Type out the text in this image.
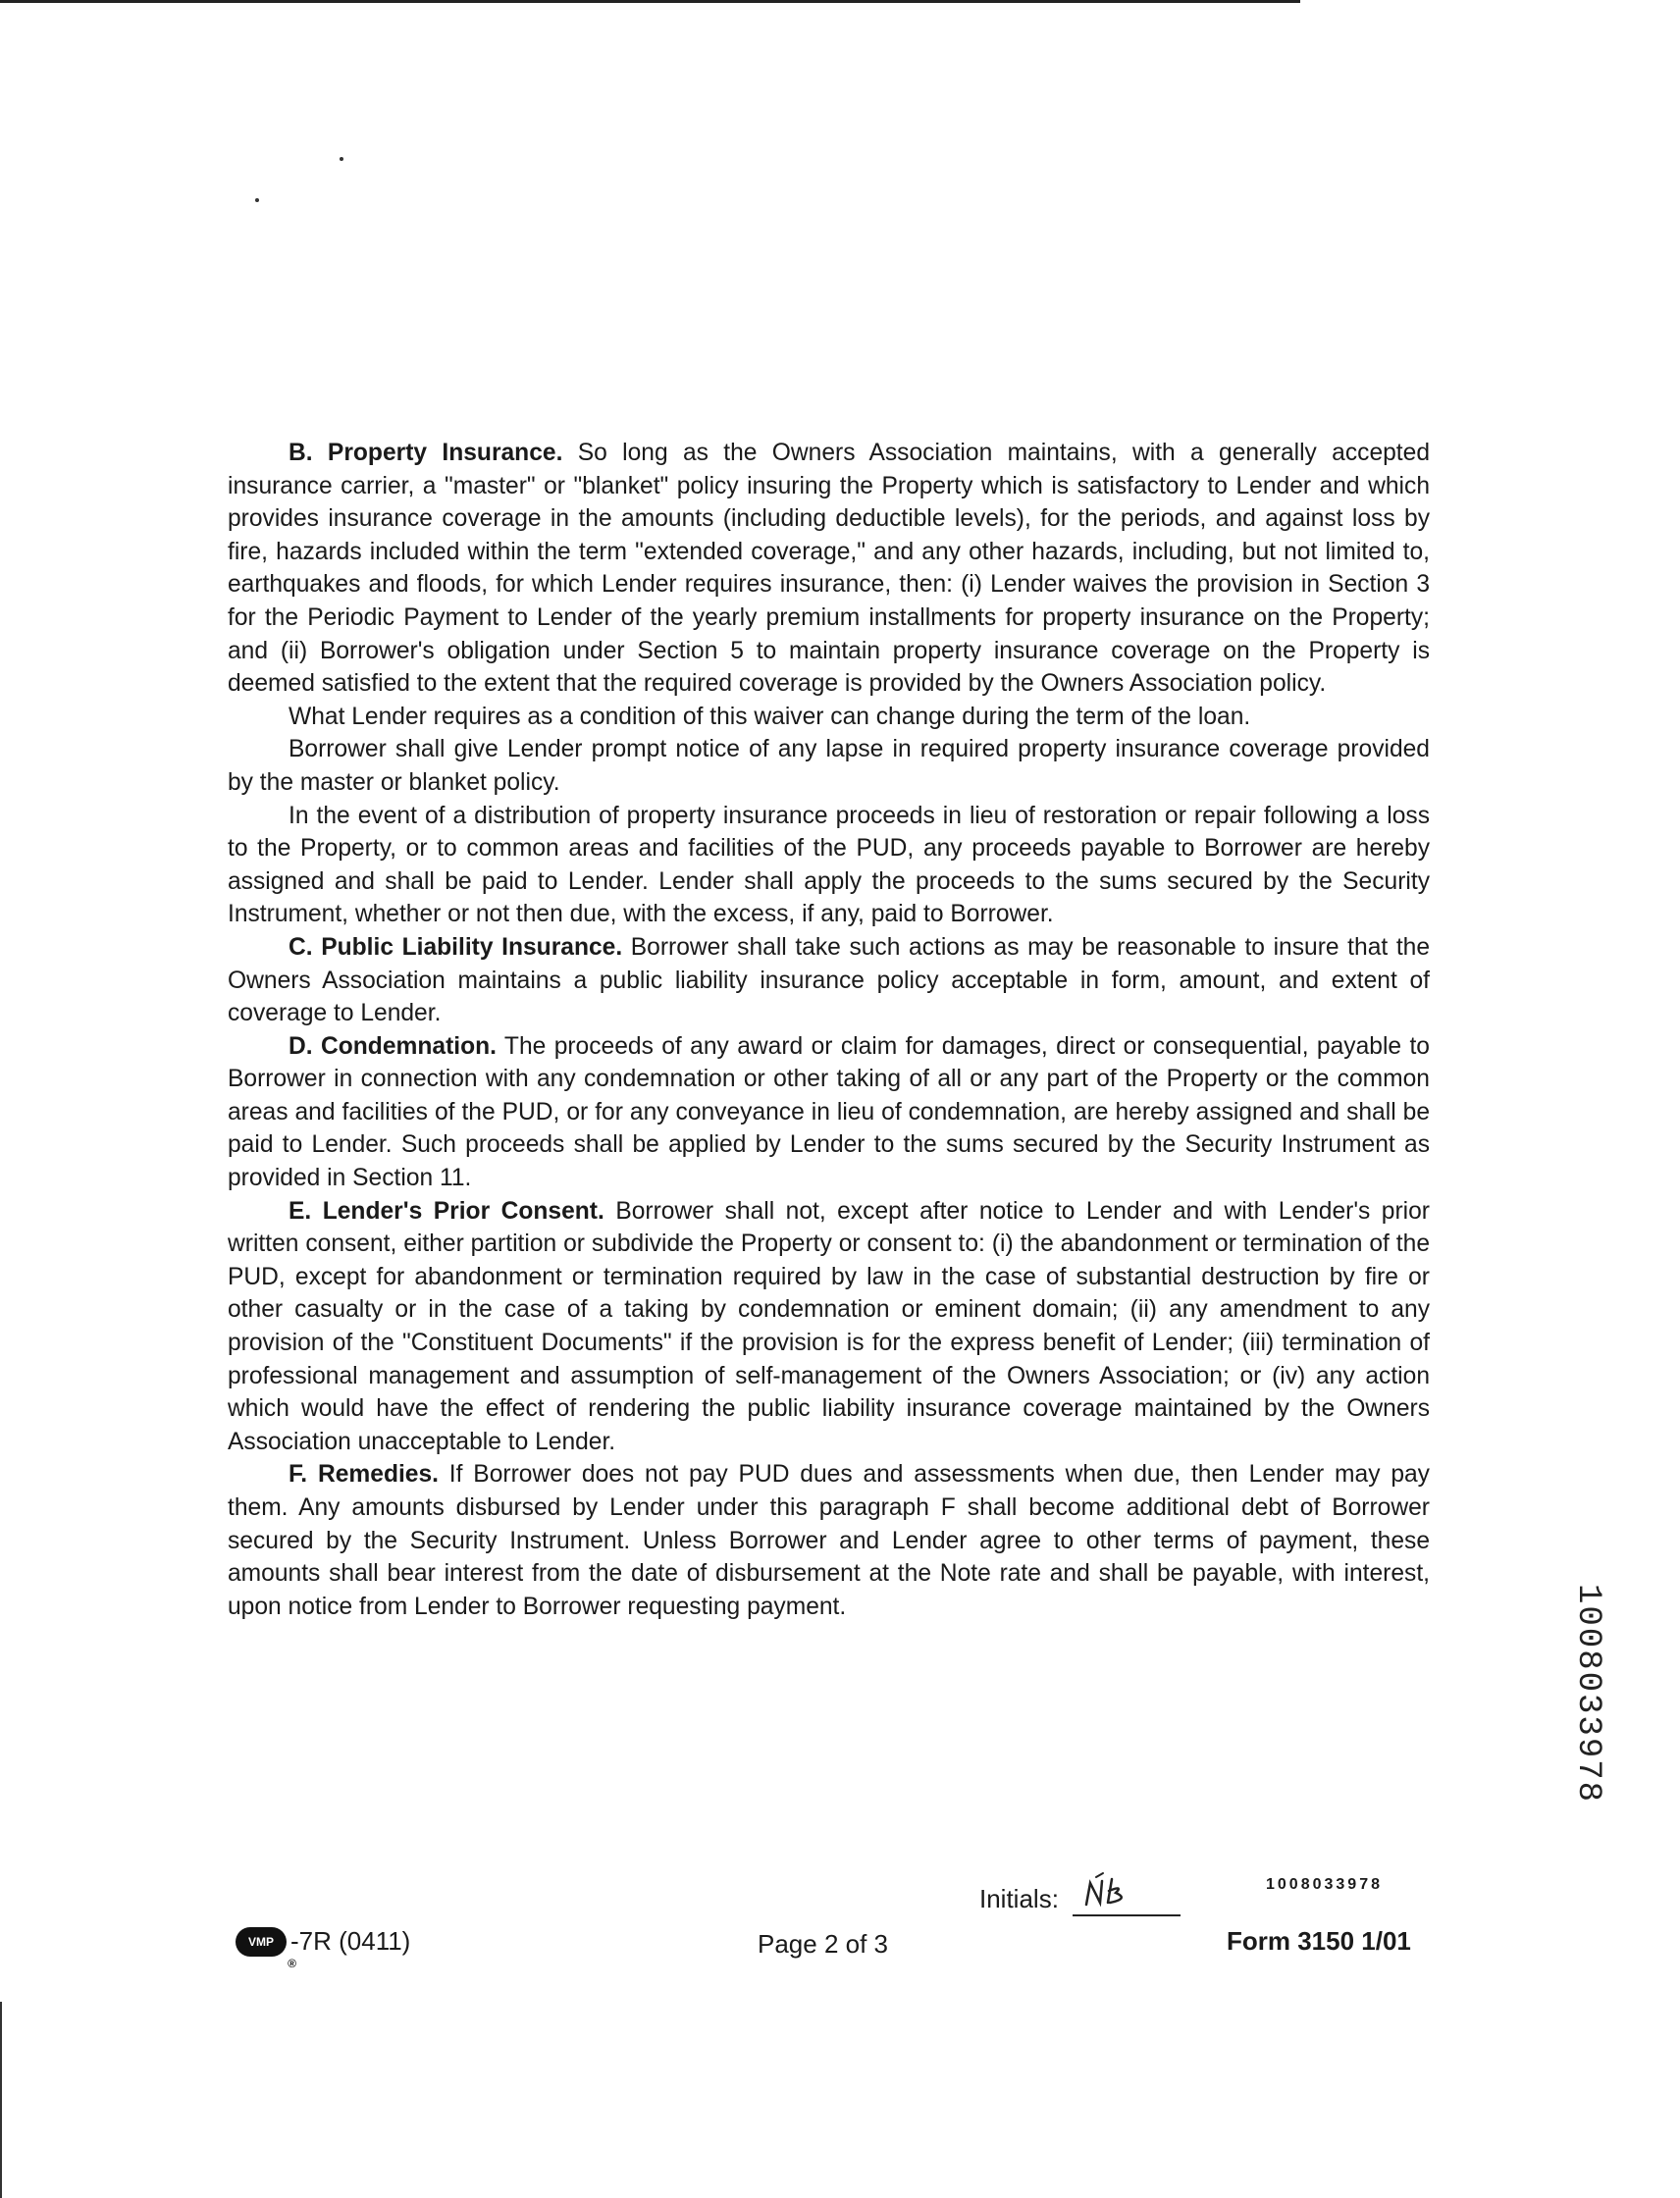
B. Property Insurance. So long as the Owners Association maintains, with a generally accepted insurance carrier, a "master" or "blanket" policy insuring the Property which is satisfactory to Lender and which provides insurance coverage in the amounts (including deductible levels), for the periods, and against loss by fire, hazards included within the term "extended coverage," and any other hazards, including, but not limited to, earthquakes and floods, for which Lender requires insurance, then: (i) Lender waives the provision in Section 3 for the Periodic Payment to Lender of the yearly premium installments for property insurance on the Property; and (ii) Borrower's obligation under Section 5 to maintain property insurance coverage on the Property is deemed satisfied to the extent that the required coverage is provided by the Owners Association policy.

What Lender requires as a condition of this waiver can change during the term of the loan.

Borrower shall give Lender prompt notice of any lapse in required property insurance coverage provided by the master or blanket policy.

In the event of a distribution of property insurance proceeds in lieu of restoration or repair following a loss to the Property, or to common areas and facilities of the PUD, any proceeds payable to Borrower are hereby assigned and shall be paid to Lender. Lender shall apply the proceeds to the sums secured by the Security Instrument, whether or not then due, with the excess, if any, paid to Borrower.

C. Public Liability Insurance. Borrower shall take such actions as may be reasonable to insure that the Owners Association maintains a public liability insurance policy acceptable in form, amount, and extent of coverage to Lender.

D. Condemnation. The proceeds of any award or claim for damages, direct or consequential, payable to Borrower in connection with any condemnation or other taking of all or any part of the Property or the common areas and facilities of the PUD, or for any conveyance in lieu of condemnation, are hereby assigned and shall be paid to Lender. Such proceeds shall be applied by Lender to the sums secured by the Security Instrument as provided in Section 11.

E. Lender's Prior Consent. Borrower shall not, except after notice to Lender and with Lender's prior written consent, either partition or subdivide the Property or consent to: (i) the abandonment or termination of the PUD, except for abandonment or termination required by law in the case of substantial destruction by fire or other casualty or in the case of a taking by condemnation or eminent domain; (ii) any amendment to any provision of the "Constituent Documents" if the provision is for the express benefit of Lender; (iii) termination of professional management and assumption of self-management of the Owners Association; or (iv) any action which would have the effect of rendering the public liability insurance coverage maintained by the Owners Association unacceptable to Lender.

F. Remedies. If Borrower does not pay PUD dues and assessments when due, then Lender may pay them. Any amounts disbursed by Lender under this paragraph F shall become additional debt of Borrower secured by the Security Instrument. Unless Borrower and Lender agree to other terms of payment, these amounts shall bear interest from the date of disbursement at the Note rate and shall be payable, with interest, upon notice from Lender to Borrower requesting payment.

1008033978
Initials:
VMP
®
-7R (0411)	Page 2 of 3	Form 3150 1/01
1008033978
